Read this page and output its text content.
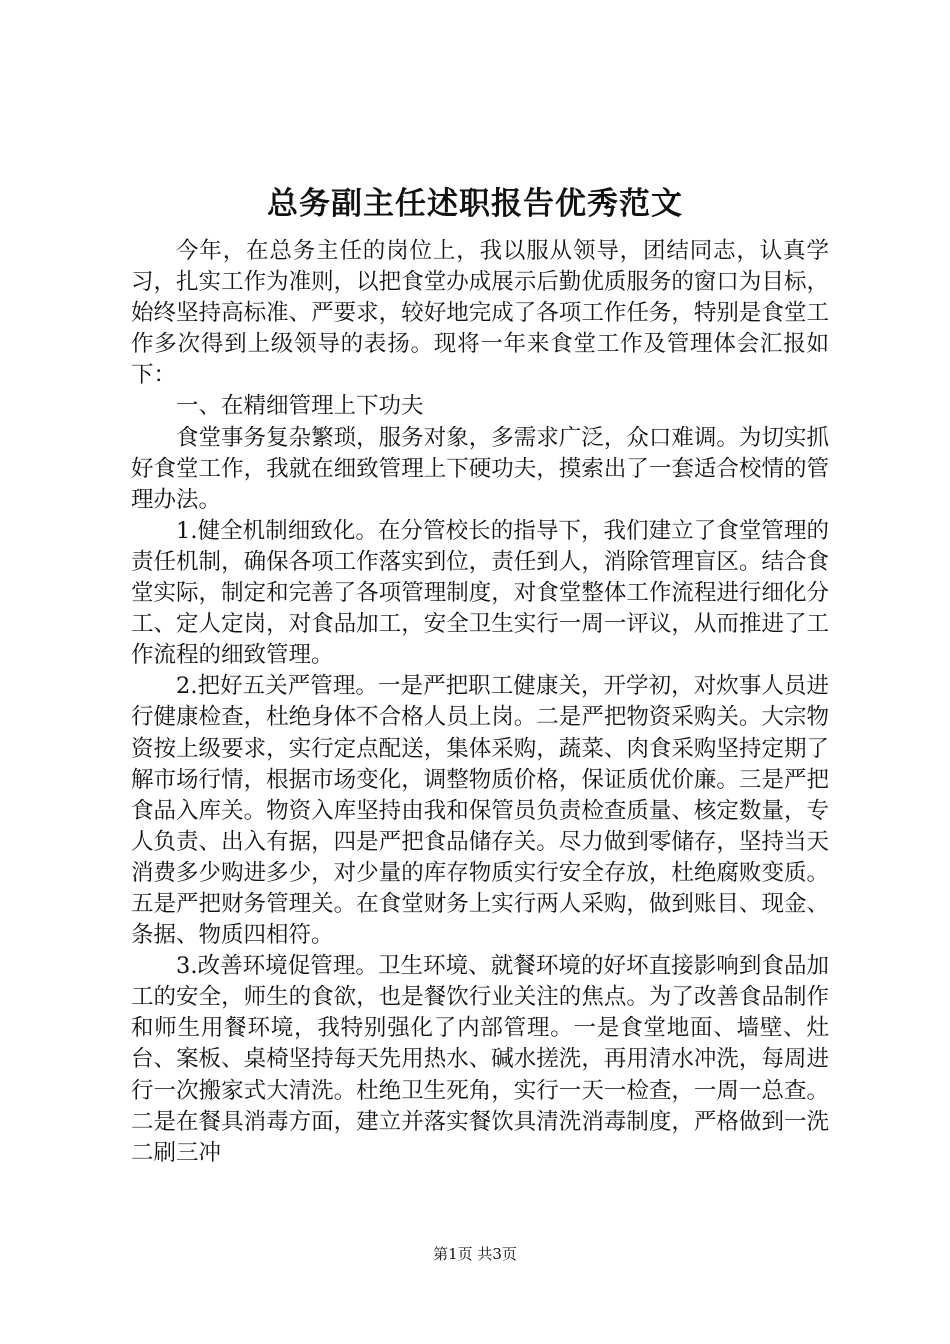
总务副主任述职报告优秀范文

今年，在总务主任的岗位上，我以服从领导，团结同志，认真学习，扎实工作为准则，以把食堂办成展示后勤优质服务的窗口为目标，始终坚持高标准、严要求，较好地完成了各项工作任务，特别是食堂工作多次得到上级领导的表扬。现将一年来食堂工作及管理体会汇报如下：

一、在精细管理上下功夫

食堂事务复杂繁琐，服务对象，多需求广泛，众口难调。为切实抓好食堂工作，我就在细致管理上下硬功夫，摸索出了一套适合校情的管理办法。

1.健全机制细致化。在分管校长的指导下，我们建立了食堂管理的责任机制，确保各项工作落实到位，责任到人，消除管理盲区。结合食堂实际，制定和完善了各项管理制度，对食堂整体工作流程进行细化分工、定人定岗，对食品加工，安全卫生实行一周一评议，从而推进了工作流程的细致管理。

2.把好五关严管理。一是严把职工健康关，开学初，对炊事人员进行健康检查，杜绝身体不合格人员上岗。二是严把物资采购关。大宗物资按上级要求，实行定点配送，集体采购，蔬菜、肉食采购坚持定期了解市场行情，根据市场变化，调整物质价格，保证质优价廉。三是严把食品入库关。物资入库坚持由我和保管员负责检查质量、核定数量，专人负责、出入有据，四是严把食品储存关。尽力做到零储存，坚持当天消费多少购进多少，对少量的库存物质实行安全存放，杜绝腐败变质。五是严把财务管理关。在食堂财务上实行两人采购，做到账目、现金、条据、物质四相符。

3.改善环境促管理。卫生环境、就餐环境的好坏直接影响到食品加工的安全，师生的食欲，也是餐饮行业关注的焦点。为了改善食品制作和师生用餐环境，我特别强化了内部管理。一是食堂地面、墙壁、灶台、案板、桌椅坚持每天先用热水、碱水搓洗，再用清水冲洗，每周进行一次搬家式大清洗。杜绝卫生死角，实行一天一检查，一周一总查。二是在餐具消毒方面，建立并落实餐饮具清洗消毒制度，严格做到一洗二刷三冲

第1页 共3页
